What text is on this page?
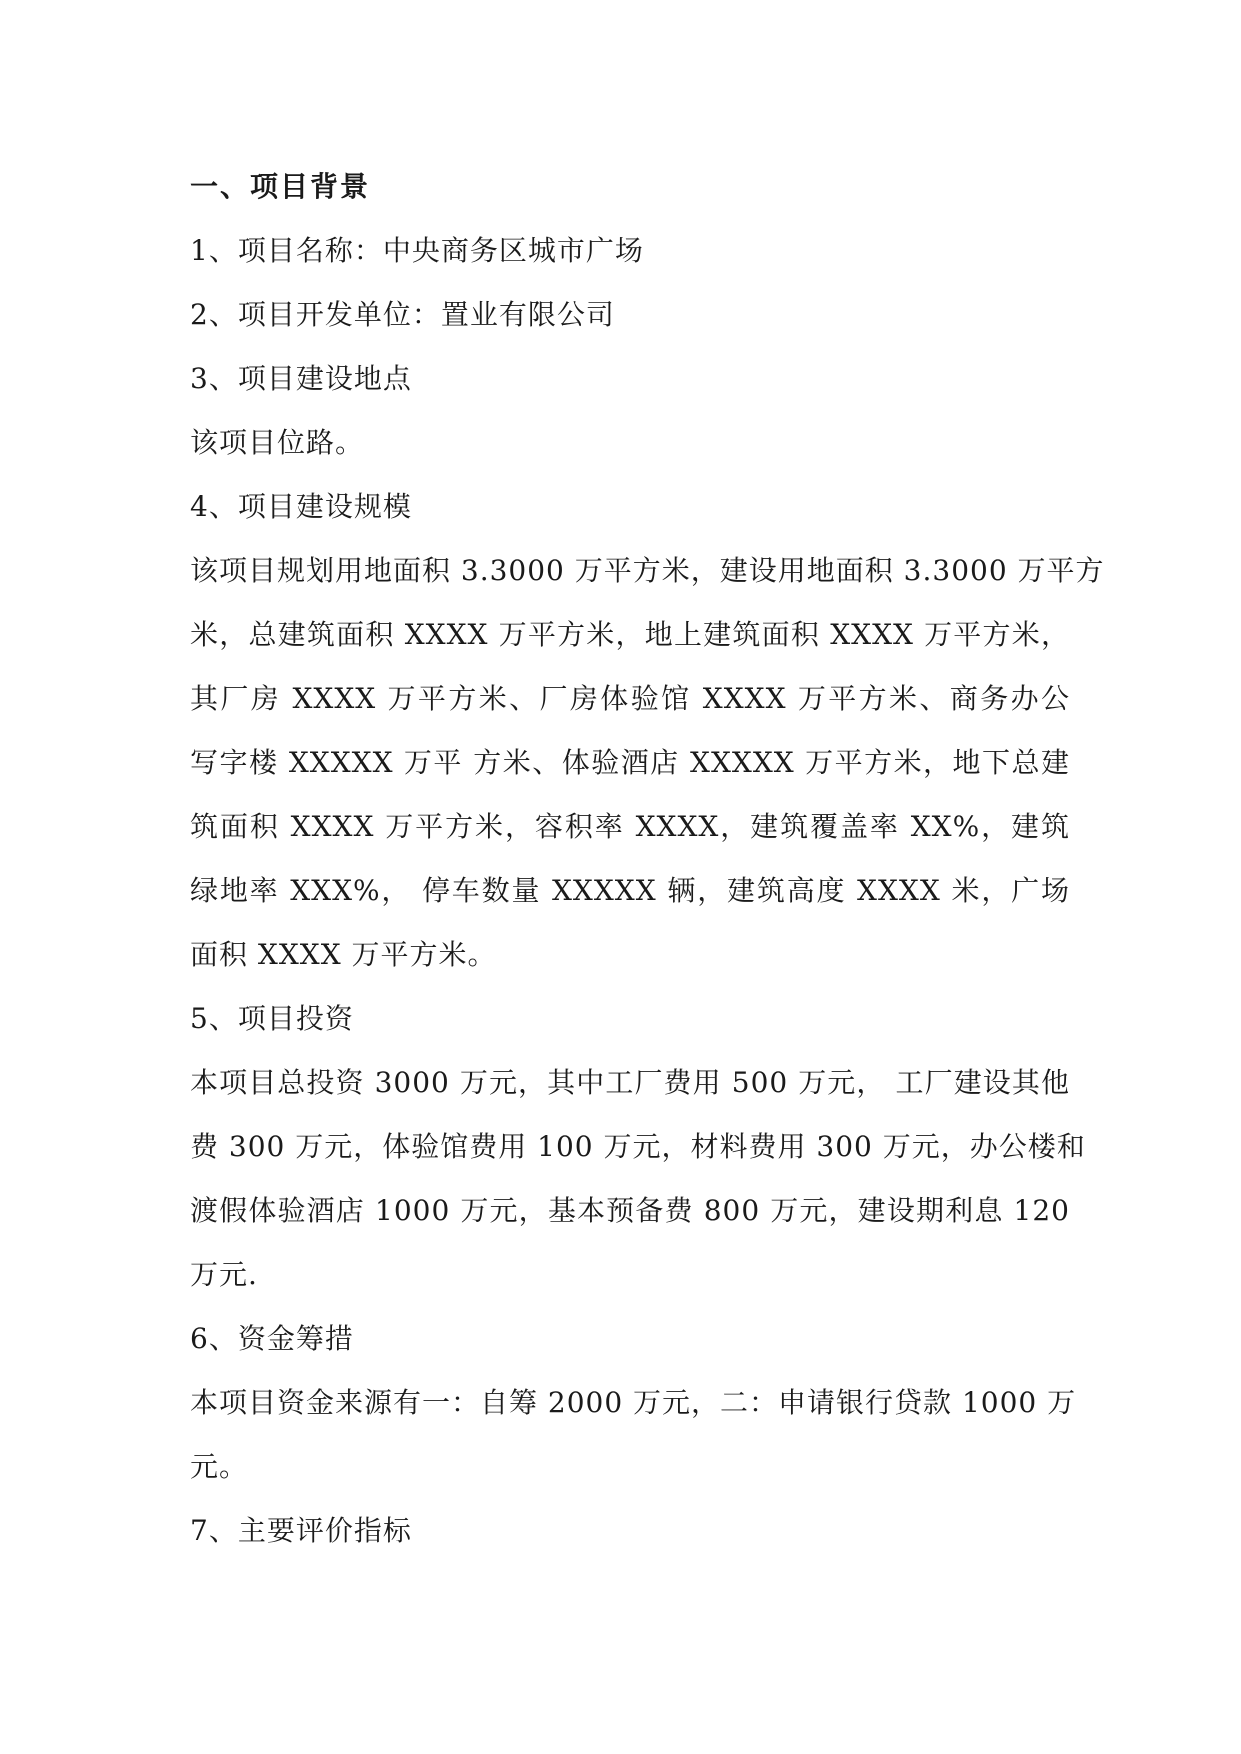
一、项目背景
1、项目名称：中央商务区城市广场
2、项目开发单位：置业有限公司
3、项目建设地点
该项目位路。
4、项目建设规模
该项目规划用地面积 3.3000 万平方米，建设用地面积 3.3000 万平方
米，总建筑面积 XXXX 万平方米，地上建筑面积 XXXX 万平方米，
其厂房 XXXX 万平方米、厂房体验馆 XXXX 万平方米、商务办公
写字楼 XXXXX 万平 方米、体验酒店 XXXXX 万平方米，地下总建
筑面积 XXXX 万平方米，容积率 XXXX，建筑覆盖率 XX%，建筑
绿地率 XXX%， 停车数量 XXXXX 辆，建筑高度 XXXX 米，广场
面积 XXXX 万平方米。
5、项目投资
本项目总投资 3000 万元，其中工厂费用 500 万元， 工厂建设其他
费 300 万元，体验馆费用 100 万元，材料费用 300 万元，办公楼和
渡假体验酒店 1000 万元，基本预备费 800 万元，建设期利息 120
万元.
6、资金筹措
本项目资金来源有一：自筹 2000 万元，二：申请银行贷款 1000 万
元。
7、主要评价指标
